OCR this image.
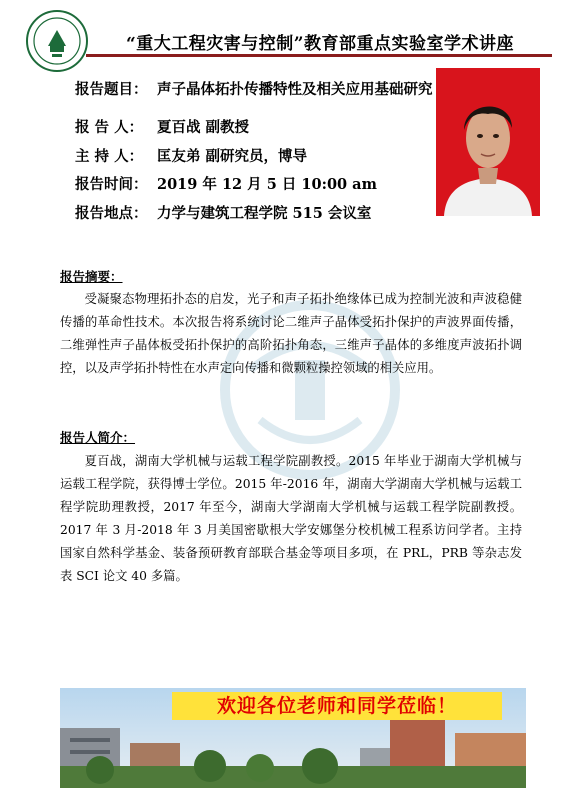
“重大工程灾害与控制”教育部重点实验室学术讲座
报告题目： 声子晶体拓扑传播特性及相关应用基础研究
报 告 人： 夏百战 副教授
主 持 人： 匡友弟 副研究员，博导
报告时间： 2019 年 12 月 5 日 10:00 am
报告地点： 力学与建筑工程学院 515 会议室
报告摘要：
受凝聚态物理拓扑态的启发，光子和声子拓扑绝缘体已成为控制光波和声波稳健传播的革命性技术。本次报告将系统讨论二维声子晶体受拓扑保护的声波界面传播，二维弹性声子晶体板受拓扑保护的高阶拓扑角态，三维声子晶体的多维度声波拓扑调控，以及声学拓扑特性在水声定向传播和微颗粒操控领域的相关应用。
报告人简介：
夏百战，湖南大学机械与运载工程学院副教授。2015 年毕业于湖南大学机械与运载工程学院，获得博士学位。2015 年-2016 年，湖南大学湖南大学机械与运载工程学院助理教授，2017 年至今，湖南大学湖南大学机械与运载工程学院副教授。2017 年 3 月-2018 年 3 月美国密歇根大学安娜堡分校机械工程系访问学者。主持国家自然科学基金、装备预研教育部联合基金等项目多项，在 PRL，PRB 等杂志发表 SCI 论文 40 多篇。
欢迎各位老师和同学莅临！
